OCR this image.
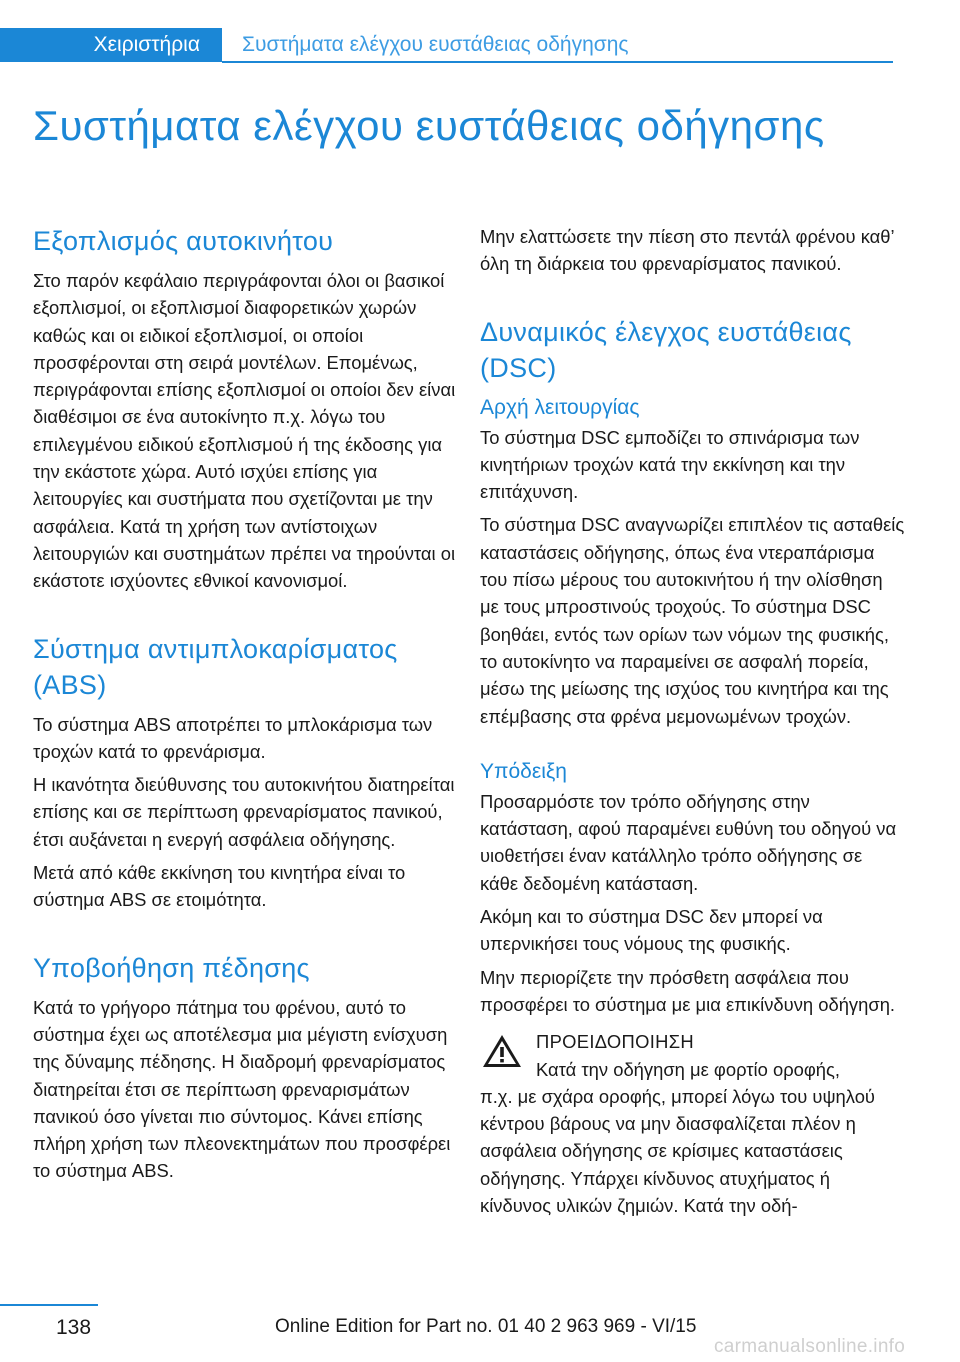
Χειριστήρια	Συστήματα ελέγχου ευστάθειας οδήγησης
Συστήματα ελέγχου ευστάθειας οδήγησης
Εξοπλισμός αυτοκινήτου

Στο παρόν κεφάλαιο περιγράφονται όλοι οι βασικοί εξοπλισμοί, οι εξοπλισμοί διαφορετικών χωρών καθώς και οι ειδικοί εξοπλισμοί, οι οποίοι προσφέρονται στη σειρά μοντέλων. Επομένως, περιγράφονται επίσης εξοπλισμοί οι οποίοι δεν είναι διαθέσιμοι σε ένα αυτοκίνητο π.χ. λόγω του επιλεγμένου ειδικού εξοπλισμού ή της έκδοσης για την εκάστοτε χώρα. Αυτό ισχύει επίσης για λειτουργίες και συστήματα που σχετίζονται με την ασφάλεια. Κατά τη χρήση των αντίστοιχων λειτουργιών και συστημάτων πρέπει να τηρούνται οι εκάστοτε ισχύοντες εθνικοί κανονισμοί.

Σύστημα αντιμπλοκαρίσματος (ABS)

Το σύστημα ABS αποτρέπει το μπλοκάρισμα των τροχών κατά το φρενάρισμα.

Η ικανότητα διεύθυνσης του αυτοκινήτου διατηρείται επίσης και σε περίπτωση φρεναρίσματος πανικού, έτσι αυξάνεται η ενεργή ασφάλεια οδήγησης.

Μετά από κάθε εκκίνηση του κινητήρα είναι το σύστημα ABS σε ετοιμότητα.

Υποβοήθηση πέδησης

Κατά το γρήγορο πάτημα του φρένου, αυτό το σύστημα έχει ως αποτέλεσμα μια μέγιστη ενίσχυση της δύναμης πέδησης. Η διαδρομή φρεναρίσματος διατηρείται έτσι σε περίπτωση φρεναρισμάτων πανικού όσο γίνεται πιο σύντομος. Κάνει επίσης πλήρη χρήση των πλεονεκτημάτων που προσφέρει το σύστημα ABS.

Μην ελαττώσετε την πίεση στο πεντάλ φρένου καθ’ όλη τη διάρκεια του φρεναρίσματος πανικού.

Δυναμικός έλεγχος ευστάθειας (DSC)
Αρχή λειτουργίας

Το σύστημα DSC εμποδίζει το σπινάρισμα των κινητήριων τροχών κατά την εκκίνηση και την επιτάχυνση.

Το σύστημα DSC αναγνωρίζει επιπλέον τις ασταθείς καταστάσεις οδήγησης, όπως ένα ντεραπάρισμα του πίσω μέρους του αυτοκινήτου ή την ολίσθηση με τους μπροστινούς τροχούς. Το σύστημα DSC βοηθάει, εντός των ορίων των νόμων της φυσικής, το αυτοκίνητο να παραμείνει σε ασφαλή πορεία, μέσω της μείωσης της ισχύος του κινητήρα και της επέμβασης στα φρένα μεμονωμένων τροχών.

Υπόδειξη

Προσαρμόστε τον τρόπο οδήγησης στην κατάσταση, αφού παραμένει ευθύνη του οδηγού να υιοθετήσει έναν κατάλληλο τρόπο οδήγησης σε κάθε δεδομένη κατάσταση.

Ακόμη και το σύστημα DSC δεν μπορεί να υπερνικήσει τους νόμους της φυσικής.

Μην περιορίζετε την πρόσθετη ασφάλεια που προσφέρει το σύστημα με μια επικίνδυνη οδήγηση.

ΠΡΟΕΙΔΟΠΟΙΗΣΗ

Κατά την οδήγηση με φορτίο οροφής,

π.χ. με σχάρα οροφής, μπορεί λόγω του υψηλού κέντρου βάρους να μην διασφαλίζεται πλέον η ασφάλεια οδήγησης σε κρίσιμες καταστάσεις οδήγησης. Υπάρχει κίνδυνος ατυχήματος ή κίνδυνος υλικών ζημιών. Κατά την οδή-

138	Online Edition for Part no. 01 40 2 963 969 - VI/15
carmanualsonline.info
